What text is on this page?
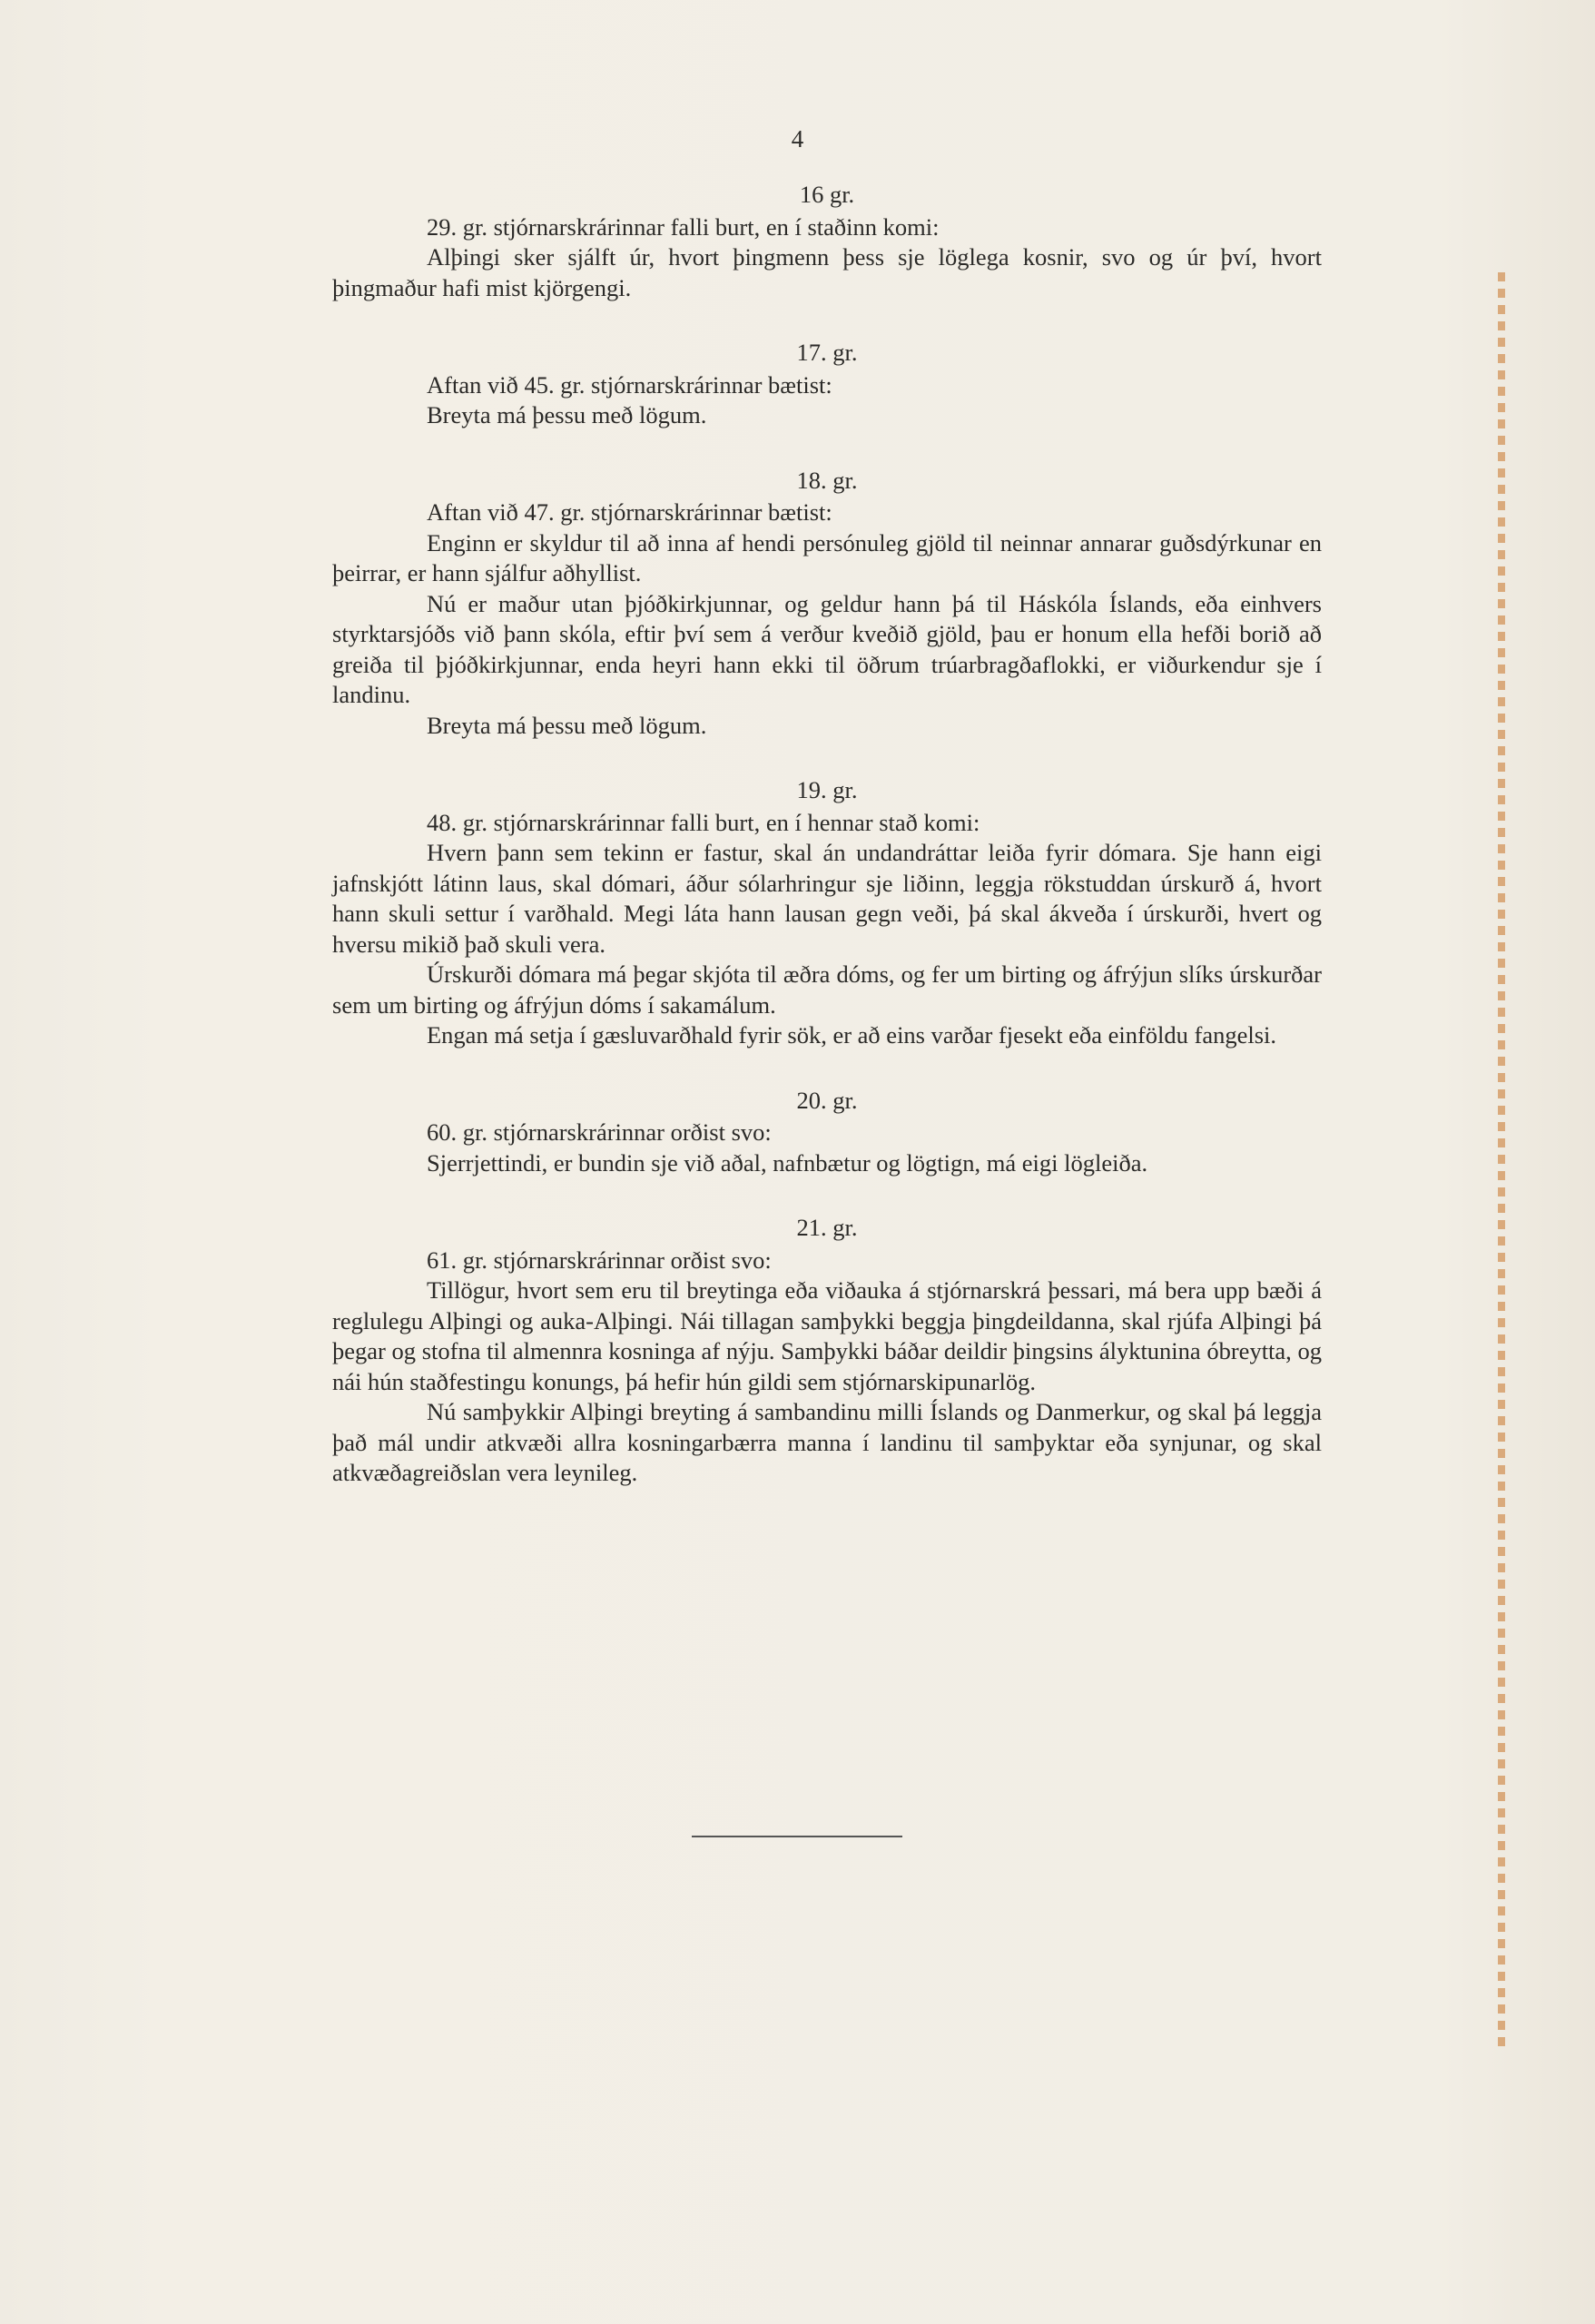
4
16 gr.

29. gr. stjórnarskrárinnar falli burt, en í staðinn komi:

Alþingi sker sjálft úr, hvort þingmenn þess sje löglega kosnir, svo og úr því, hvort þingmaður hafi mist kjörgengi.

17. gr.

Aftan við 45. gr. stjórnarskrárinnar bætist:

Breyta má þessu með lögum.

18. gr.

Aftan við 47. gr. stjórnarskrárinnar bætist:

Enginn er skyldur til að inna af hendi persónuleg gjöld til neinnar annarar guðsdýrkunar en þeirrar, er hann sjálfur aðhyllist.

Nú er maður utan þjóðkirkjunnar, og geldur hann þá til Háskóla Íslands, eða einhvers styrktarsjóðs við þann skóla, eftir því sem á verður kveðið gjöld, þau er honum ella hefði borið að greiða til þjóðkirkjunnar, enda heyri hann ekki til öðrum trúarbragðaflokki, er viðurkendur sje í landinu.

Breyta má þessu með lögum.

19. gr.

48. gr. stjórnarskrárinnar falli burt, en í hennar stað komi:

Hvern þann sem tekinn er fastur, skal án undandráttar leiða fyrir dómara. Sje hann eigi jafnskjótt látinn laus, skal dómari, áður sólarhringur sje liðinn, leggja rökstuddan úrskurð á, hvort hann skuli settur í varðhald. Megi láta hann lausan gegn veði, þá skal ákveða í úrskurði, hvert og hversu mikið það skuli vera.

Úrskurði dómara má þegar skjóta til æðra dóms, og fer um birting og áfrýjun slíks úrskurðar sem um birting og áfrýjun dóms í sakamálum.

Engan má setja í gæsluvarðhald fyrir sök, er að eins varðar fjesekt eða einföldu fangelsi.

20. gr.

60. gr. stjórnarskrárinnar orðist svo:

Sjerrjettindi, er bundin sje við aðal, nafnbætur og lögtign, má eigi lögleiða.

21. gr.

61. gr. stjórnarskrárinnar orðist svo:

Tillögur, hvort sem eru til breytinga eða viðauka á stjórnarskrá þessari, má bera upp bæði á reglulegu Alþingi og auka-Alþingi. Nái tillagan samþykki beggja þingdeildanna, skal rjúfa Alþingi þá þegar og stofna til almennra kosninga af nýju. Samþykki báðar deildir þingsins ályktunina óbreytta, og nái hún staðfestingu konungs, þá hefir hún gildi sem stjórnarskipunarlög.

Nú samþykkir Alþingi breyting á sambandinu milli Íslands og Danmerkur, og skal þá leggja það mál undir atkvæði allra kosningarbærra manna í landinu til samþyktar eða synjunar, og skal atkvæðagreiðslan vera leynileg.
